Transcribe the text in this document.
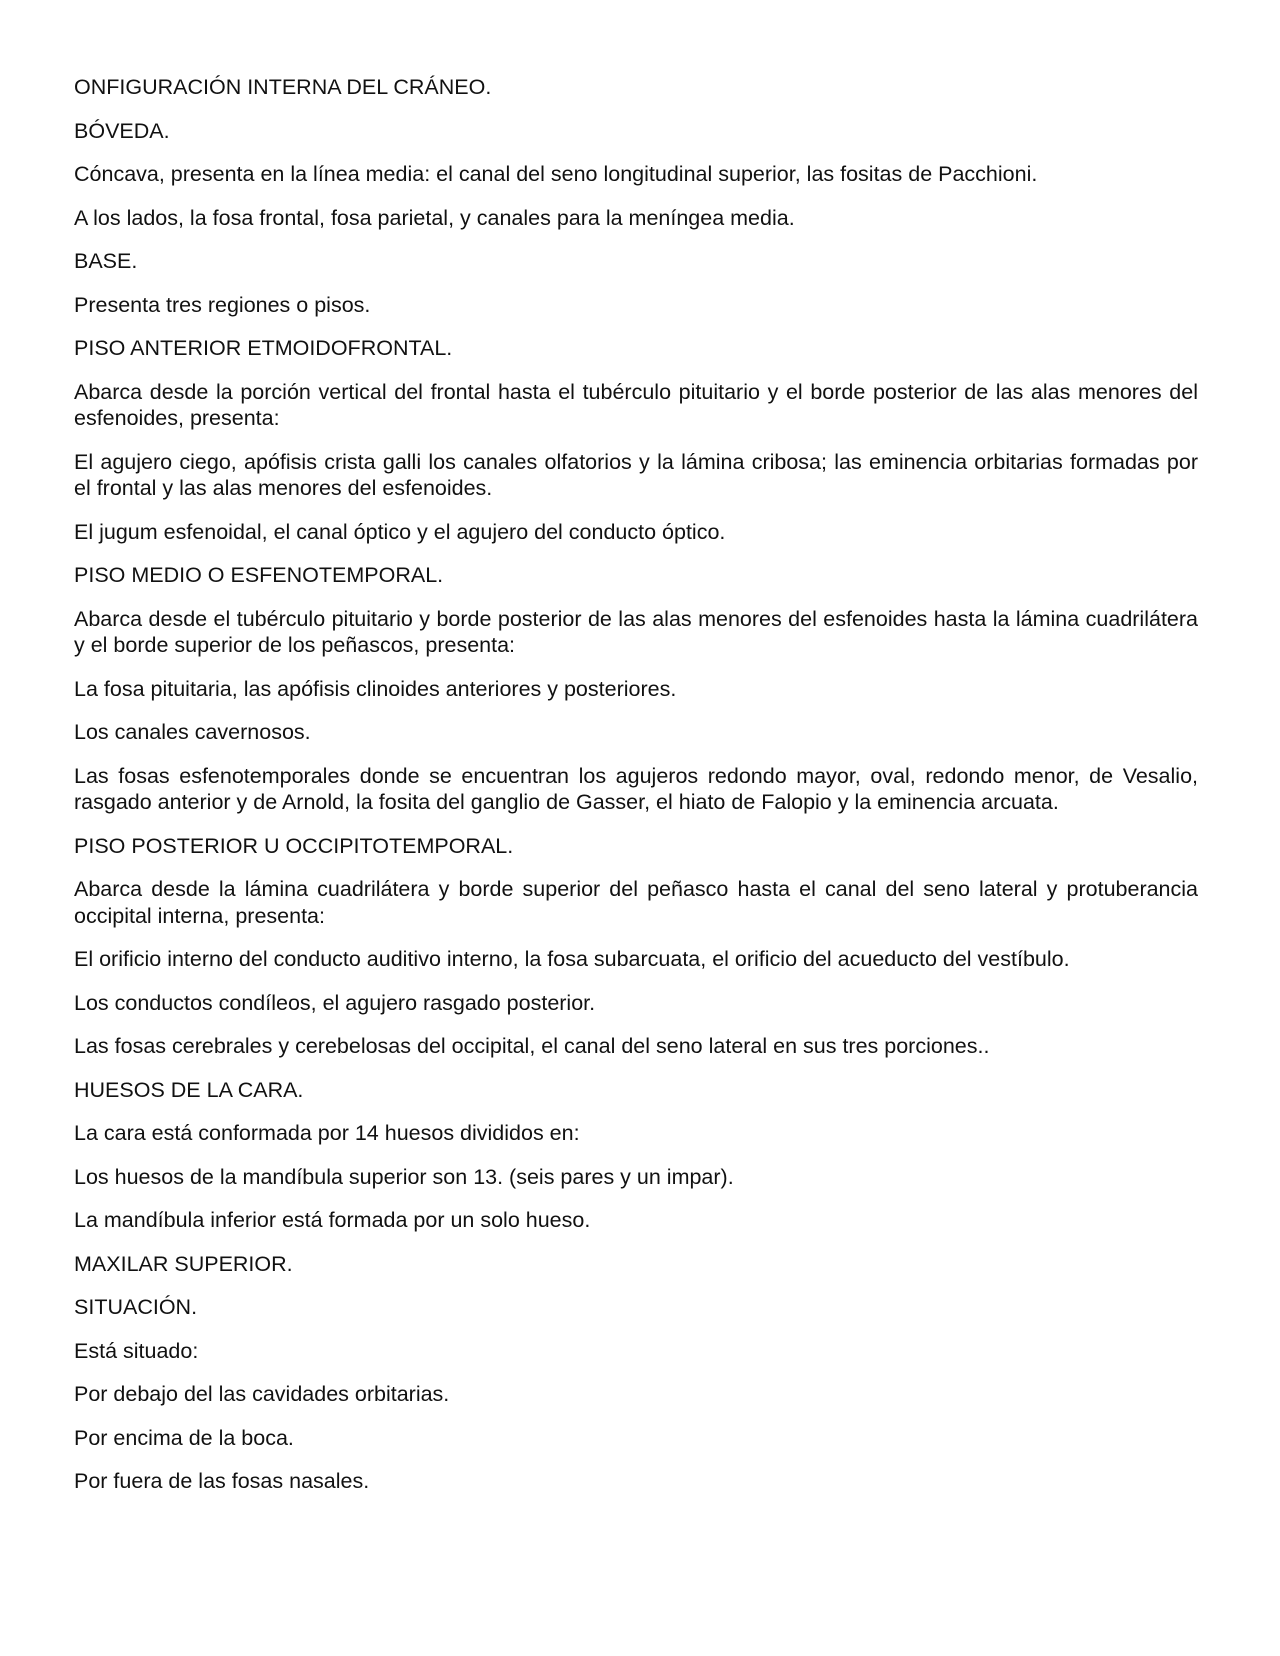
ONFIGURACIÓN INTERNA DEL CRÁNEO.

BÓVEDA.

Cóncava, presenta en la línea media: el canal del seno longitudinal superior, las fositas de Pacchioni.

A los lados, la fosa frontal, fosa parietal, y canales para la meníngea media.

BASE.

Presenta tres regiones o pisos.

PISO ANTERIOR ETMOIDOFRONTAL.

Abarca desde la porción vertical del frontal hasta el tubérculo pituitario y el borde posterior de las alas menores del esfenoides, presenta:

El agujero ciego, apófisis crista galli los canales olfatorios y la lámina cribosa; las eminencia orbitarias formadas por el frontal y las alas menores del esfenoides.

El jugum esfenoidal, el canal óptico y el agujero del conducto óptico.

PISO MEDIO O ESFENOTEMPORAL.

Abarca desde el tubérculo pituitario y borde posterior de las alas menores del esfenoides hasta la lámina cuadrilátera y el borde superior de los peñascos, presenta:

La fosa pituitaria, las apófisis clinoides anteriores y posteriores.

Los canales cavernosos.

Las fosas esfenotemporales donde se encuentran los agujeros redondo mayor, oval, redondo menor, de Vesalio, rasgado anterior y de Arnold, la fosita del ganglio de Gasser, el hiato de Falopio y la eminencia arcuata.

PISO POSTERIOR U OCCIPITOTEMPORAL.

Abarca desde la lámina cuadrilátera y borde superior del peñasco hasta el canal del seno lateral y protuberancia occipital interna, presenta:

El orificio interno del conducto auditivo interno, la fosa subarcuata, el orificio del acueducto del vestíbulo.

Los conductos condíleos, el agujero rasgado posterior.

Las fosas cerebrales y cerebelosas del occipital, el canal del seno lateral en sus tres porciones..

HUESOS DE LA CARA.

La cara está conformada por 14 huesos divididos en:

Los huesos de la mandíbula superior son 13. (seis pares y un impar).

La mandíbula inferior está formada por un solo hueso.

MAXILAR SUPERIOR.

SITUACIÓN.

Está situado:

Por debajo del las cavidades orbitarias.

Por encima de la boca.

Por fuera de las fosas nasales.
